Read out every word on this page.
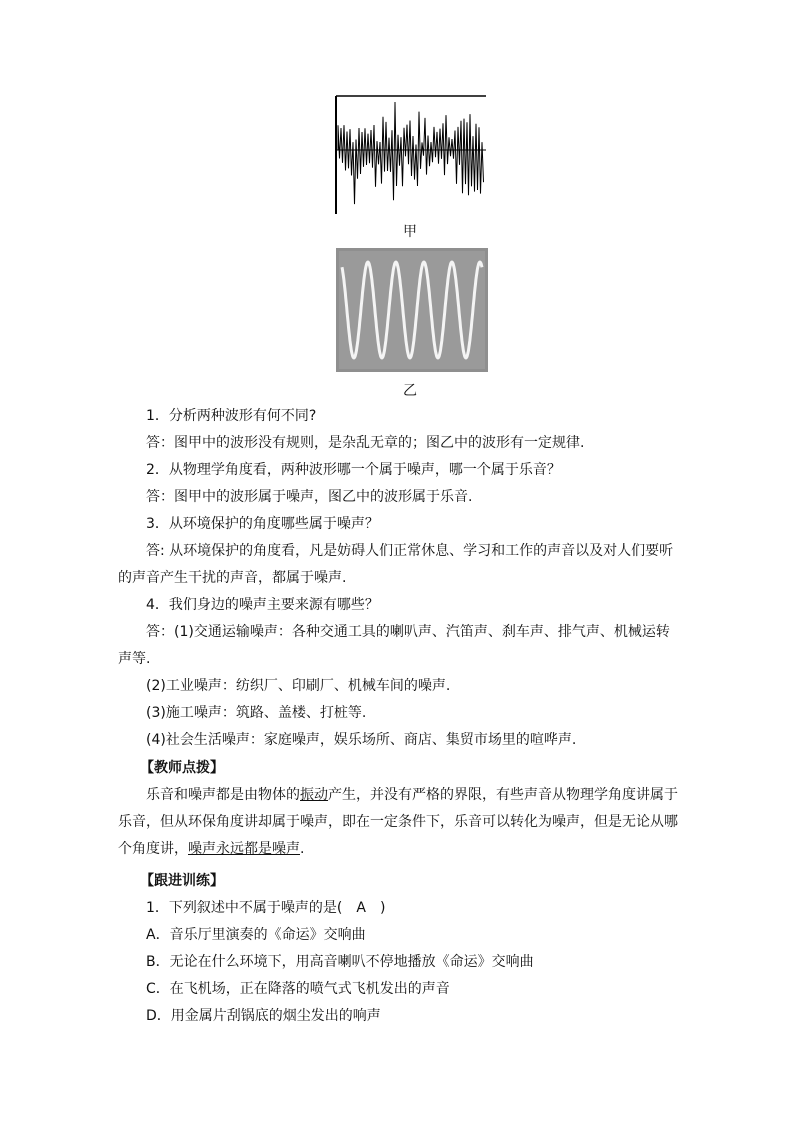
甲
乙
1．分析两种波形有何不同?
答：图甲中的波形没有规则，是杂乱无章的；图乙中的波形有一定规律.
2．从物理学角度看，两种波形哪一个属于噪声，哪一个属于乐音？
答：图甲中的波形属于噪声，图乙中的波形属于乐音.
3．从环境保护的角度哪些属于噪声？
答: 从环境保护的角度看，凡是妨碍人们正常休息、学习和工作的声音以及对人们要听
的声音产生干扰的声音，都属于噪声.
4．我们身边的噪声主要来源有哪些？
答：(1)交通运输噪声：各种交通工具的喇叭声、汽笛声、刹车声、排气声、机械运转
声等.
(2)工业噪声：纺织厂、印刷厂、机械车间的噪声.
(3)施工噪声：筑路、盖楼、打桩等.
(4)社会生活噪声：家庭噪声，娱乐场所、商店、集贸市场里的喧哗声.
【教师点拨】
乐音和噪声都是由物体的振动产生，并没有严格的界限，有些声音从物理学角度讲属于
乐音，但从环保角度讲却属于噪声，即在一定条件下，乐音可以转化为噪声，但是无论从哪
个角度讲，噪声永远都是噪声.
【跟进训练】
1．下列叙述中不属于噪声的是(　A　)
A．音乐厅里演奏的《命运》交响曲
B．无论在什么环境下，用高音喇叭不停地播放《命运》交响曲
C．在飞机场，正在降落的喷气式飞机发出的声音
D．用金属片刮锅底的烟尘发出的响声
